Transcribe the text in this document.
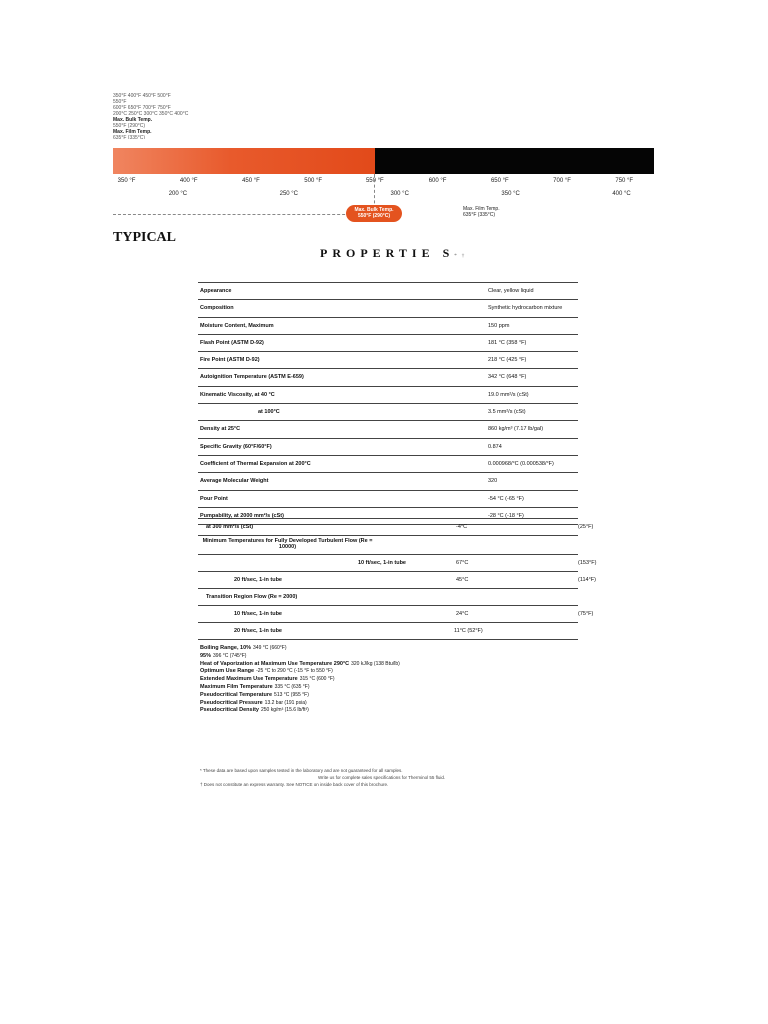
350°F 400°F 450°F 500°F
550°F
600°F 650°F 700°F 750°F
200°C 250°C 300°C 350°C 400°C
Max. Bulk Temp.
550°F (290°C)
Max. Film Temp.
635°F (335°C)
350 °F	400 °F	450 °F	500 °F	550 °F	600 °F	650 °F	700 °F	750 °F
200 °C	250 °C	300 °C	350 °C	400 °C
Max. Bulk Temp.
550°F (290°C)
Max. Film Temp.
635°F (335°C)
TYPICAL
PROPERTIE S*†
Appearance	Clear, yellow liquid
Composition	Synthetic hydrocarbon mixture
Moisture Content, Maximum	150 ppm
Flash Point (ASTM D-92)	181 °C (358 °F)
Fire Point (ASTM D-92)	218 °C (425 °F)
Autoignition Temperature (ASTM E-659)	342 °C (648 °F)
Kinematic Viscosity, at 40 °C	19.0 mm²/s (cSt)
at 100°C	3.5 mm²/s (cSt)
Density at 25°C	860 kg/m³ (7.17 lb/gal)
Specific Gravity (60°F/60°F)	0.874
Coefficient of Thermal Expansion at 200°C	0.000968/°C (0.000538/°F)
Average Molecular Weight	320
Pour Point	-54 °C (-65 °F)
Pumpability, at 2000 mm²/s (cSt)	-28 °C (-18 °F)
at 300 mm²/s (cSt)	-4°C	(25°F)
Minimum Temperatures for Fully Developed Turbulent Flow (Re = 10000)
10 ft/sec, 1-in tube	67°C	(153°F)
20 ft/sec, 1-in tube	45°C	(114°F)
Transition Region Flow (Re = 2000)
10 ft/sec, 1-in tube	24°C	(75°F)
20 ft/sec, 1-in tube	11°C (52°F)
Boiling Range, 10% 349 °C (660°F)
95% 396 °C (745°F)
Heat of Vaporization at Maximum Use Temperature 290°C 320 kJ/kg (138 Btu/lb)
Optimum Use Range -25 °C to 290 °C (-15 °F to 550 °F)
Extended Maximum Use Temperature 315 °C (600 °F)
Maximum Film Temperature 335 °C (635 °F)
Pseudocritical Temperature 513 °C (955 °F)
Pseudocritical Pressure 13.2 bar (191 psia)
Pseudocritical Density 250 kg/m³ (15.6 lb/ft³)
* These data are based upon samples tested in the laboratory and are not guaranteed for all samples.
Write us for complete sales specifications for Therminol 55 fluid.
† Does not constitute an express warranty. See NOTICE on inside back cover of this brochure.
